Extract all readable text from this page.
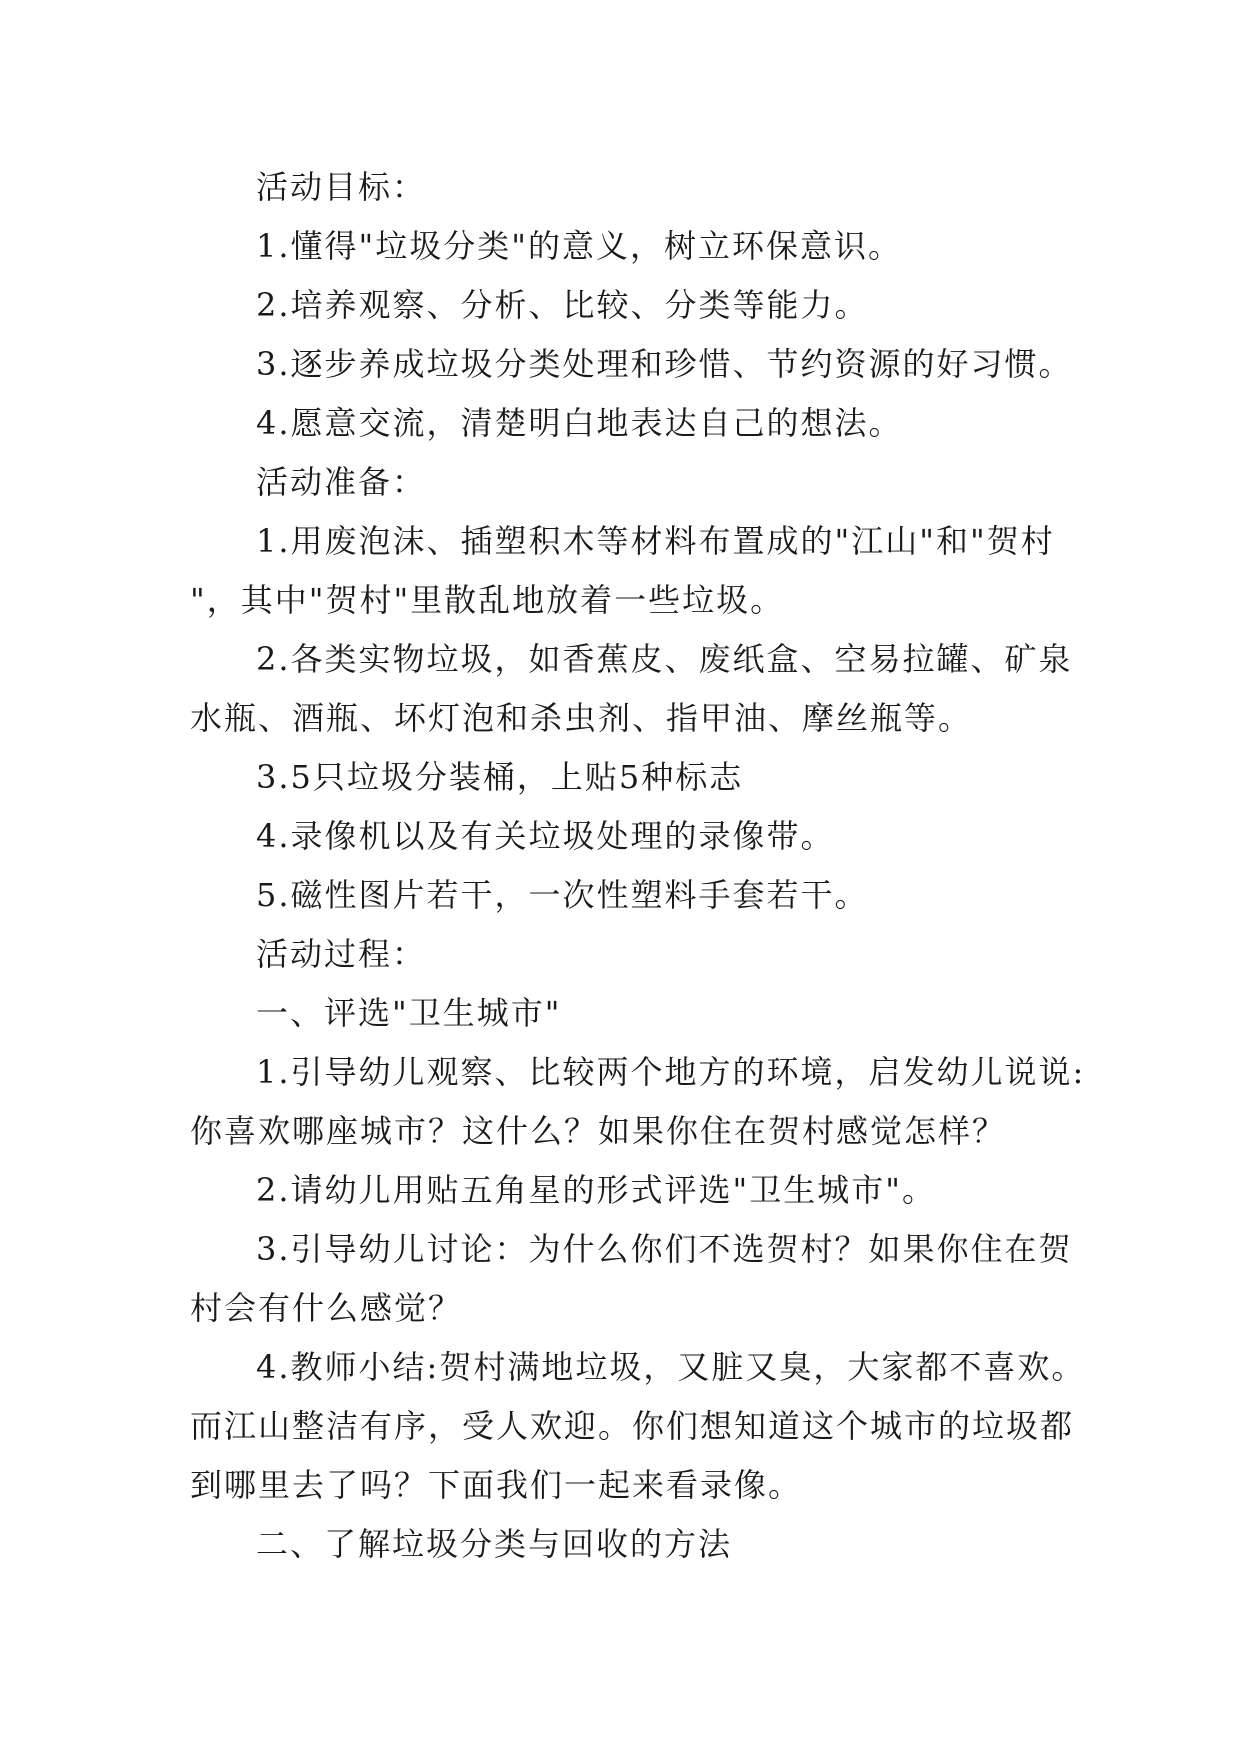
活动目标：
1.懂得"垃圾分类"的意义，树立环保意识。
2.培养观察、分析、比较、分类等能力。
3.逐步养成垃圾分类处理和珍惜、节约资源的好习惯。
4.愿意交流，清楚明白地表达自己的想法。
活动准备：
1.用废泡沫、插塑积木等材料布置成的"江山"和"贺村
"，其中"贺村"里散乱地放着一些垃圾。
2.各类实物垃圾，如香蕉皮、废纸盒、空易拉罐、矿泉
水瓶、酒瓶、坏灯泡和杀虫剂、指甲油、摩丝瓶等。
3.5只垃圾分装桶，上贴5种标志
4.录像机以及有关垃圾处理的录像带。
5.磁性图片若干，一次性塑料手套若干。
活动过程：
一、评选"卫生城市"
1.引导幼儿观察、比较两个地方的环境，启发幼儿说说:
你喜欢哪座城市？这什么？如果你住在贺村感觉怎样？
2.请幼儿用贴五角星的形式评选"卫生城市"。
3.引导幼儿讨论：为什么你们不选贺村？如果你住在贺
村会有什么感觉？
4.教师小结:贺村满地垃圾，又脏又臭，大家都不喜欢。
而江山整洁有序，受人欢迎。你们想知道这个城市的垃圾都
到哪里去了吗？下面我们一起来看录像。
二、了解垃圾分类与回收的方法
